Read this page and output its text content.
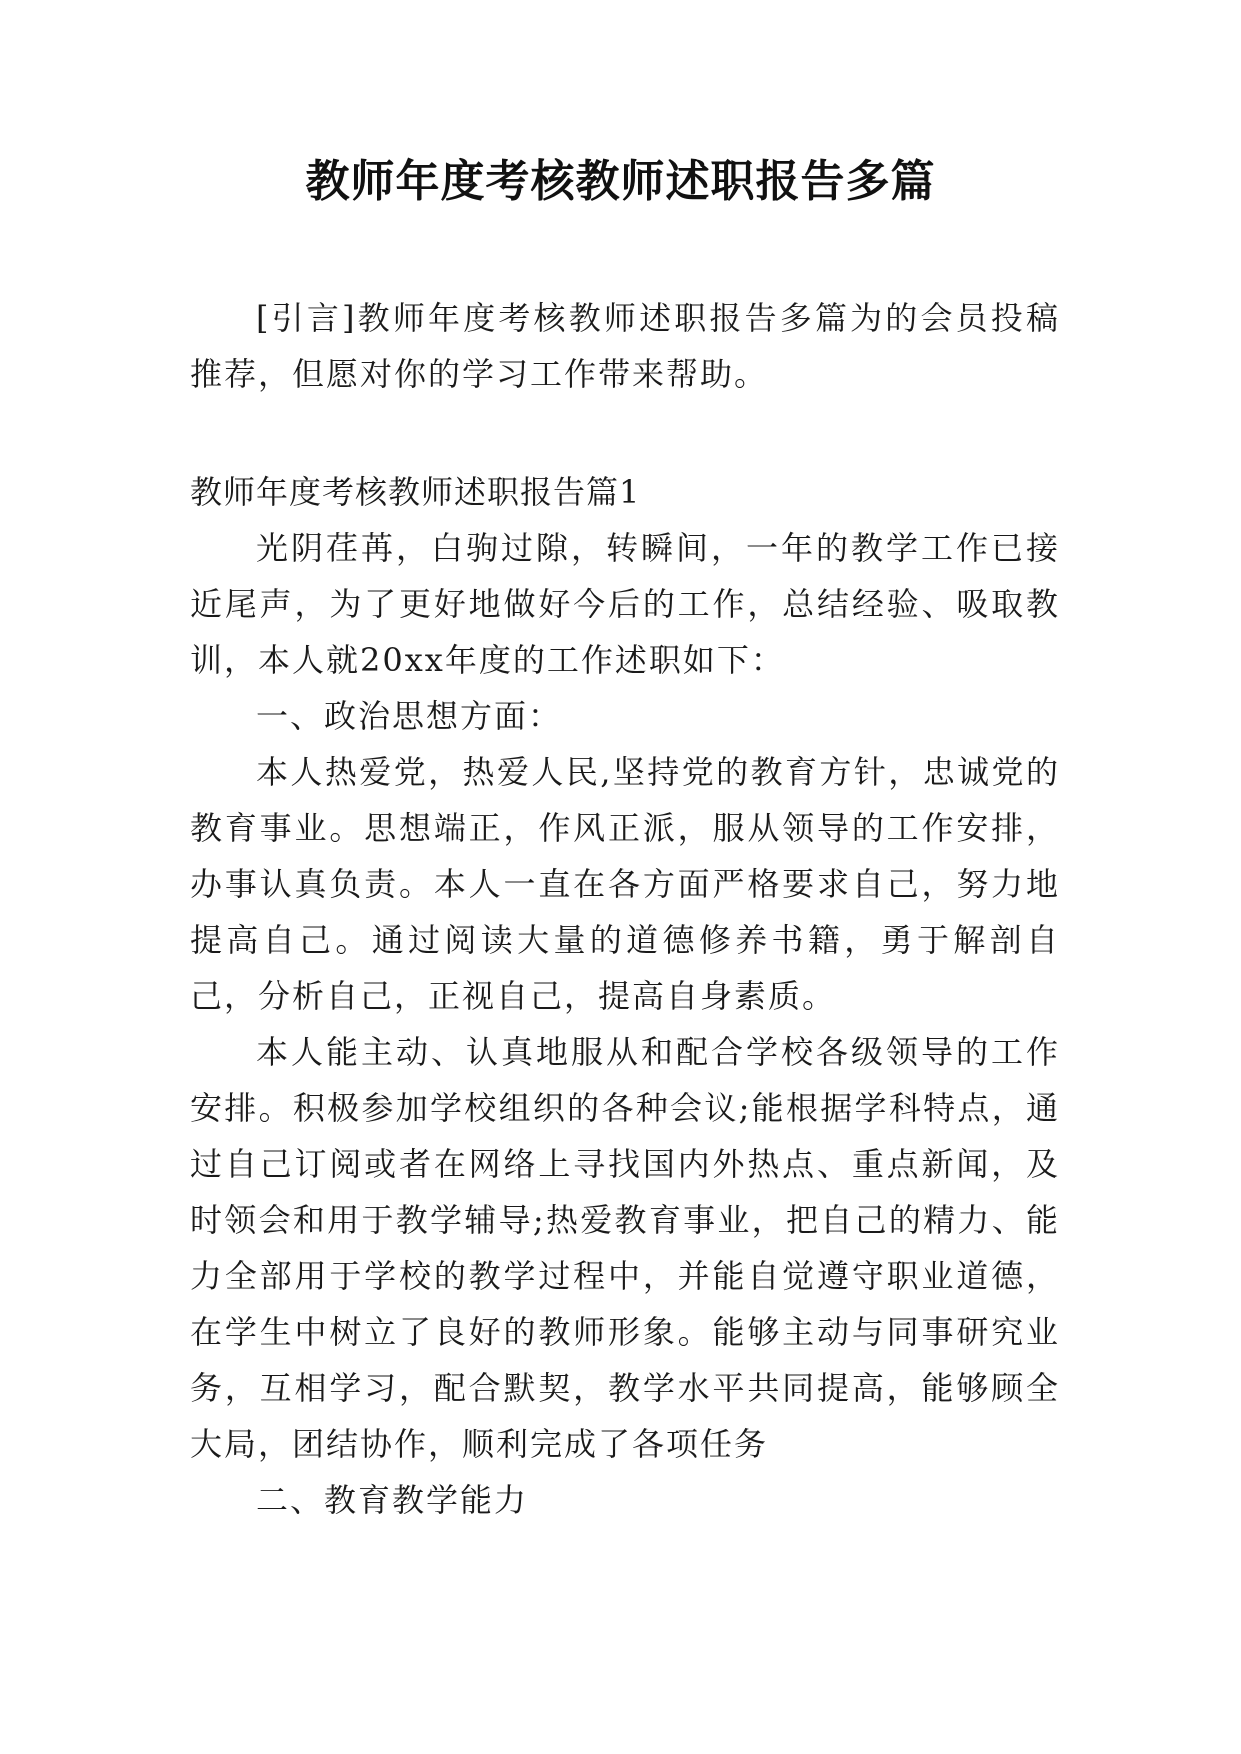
教师年度考核教师述职报告多篇

[引言]教师年度考核教师述职报告多篇为的会员投稿推荐，但愿对你的学习工作带来帮助。

教师年度考核教师述职报告篇1

光阴荏苒，白驹过隙，转瞬间，一年的教学工作已接近尾声，为了更好地做好今后的工作，总结经验、吸取教训，本人就20xx年度的工作述职如下：

一、政治思想方面：

本人热爱党，热爱人民,坚持党的教育方针，忠诚党的教育事业。思想端正，作风正派，服从领导的工作安排，办事认真负责。本人一直在各方面严格要求自己，努力地提高自己。通过阅读大量的道德修养书籍，勇于解剖自己，分析自己，正视自己，提高自身素质。

本人能主动、认真地服从和配合学校各级领导的工作安排。积极参加学校组织的各种会议;能根据学科特点，通过自己订阅或者在网络上寻找国内外热点、重点新闻，及时领会和用于教学辅导;热爱教育事业，把自己的精力、能力全部用于学校的教学过程中，并能自觉遵守职业道德，在学生中树立了良好的教师形象。能够主动与同事研究业务，互相学习，配合默契，教学水平共同提高，能够顾全大局，团结协作，顺利完成了各项任务

二、教育教学能力
